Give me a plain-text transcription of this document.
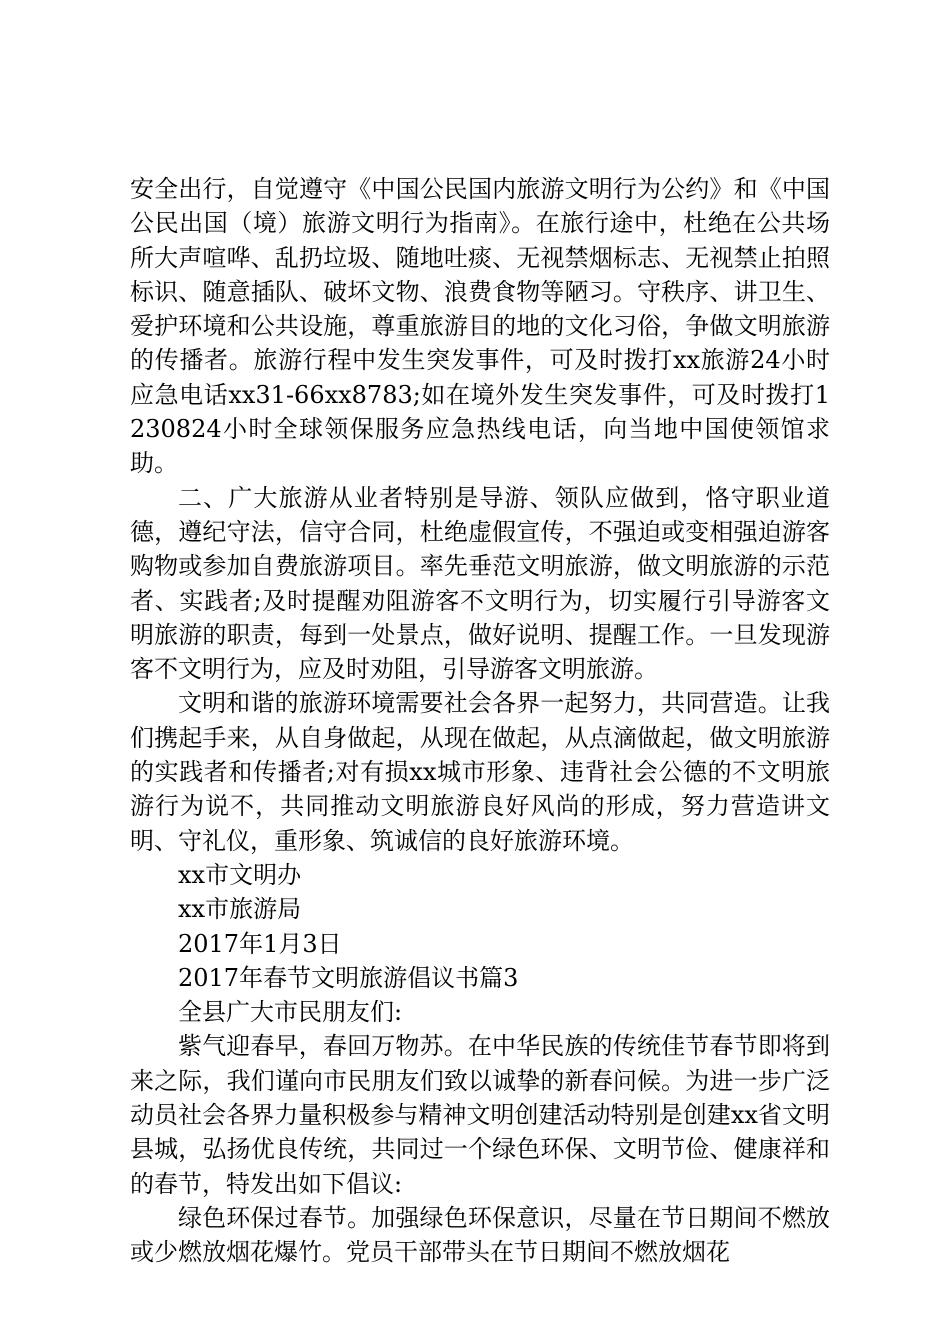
安全出行，自觉遵守《中国公民国内旅游文明行为公约》和《中国公民出国（境）旅游文明行为指南》。在旅行途中，杜绝在公共场所大声喧哗、乱扔垃圾、随地吐痰、无视禁烟标志、无视禁止拍照标识、随意插队、破坏文物、浪费食物等陋习。守秩序、讲卫生、爱护环境和公共设施，尊重旅游目的地的文化习俗，争做文明旅游的传播者。旅游行程中发生突发事件，可及时拨打xx旅游24小时应急电话xx31-66xx8783;如在境外发生突发事件，可及时拨打1230824小时全球领保服务应急热线电话，向当地中国使领馆求助。

二、广大旅游从业者特别是导游、领队应做到，恪守职业道德，遵纪守法，信守合同，杜绝虚假宣传，不强迫或变相强迫游客购物或参加自费旅游项目。率先垂范文明旅游，做文明旅游的示范者、实践者;及时提醒劝阻游客不文明行为，切实履行引导游客文明旅游的职责，每到一处景点，做好说明、提醒工作。一旦发现游客不文明行为，应及时劝阻，引导游客文明旅游。

文明和谐的旅游环境需要社会各界一起努力，共同营造。让我们携起手来，从自身做起，从现在做起，从点滴做起，做文明旅游的实践者和传播者;对有损xx城市形象、违背社会公德的不文明旅游行为说不，共同推动文明旅游良好风尚的形成，努力营造讲文明、守礼仪，重形象、筑诚信的良好旅游环境。

xx市文明办

xx市旅游局

2017年1月3日

2017年春节文明旅游倡议书篇3

全县广大市民朋友们:

紫气迎春早，春回万物苏。在中华民族的传统佳节春节即将到来之际，我们谨向市民朋友们致以诚挚的新春问候。为进一步广泛动员社会各界力量积极参与精神文明创建活动特别是创建xx省文明县城，弘扬优良传统，共同过一个绿色环保、文明节俭、健康祥和的春节，特发出如下倡议:

绿色环保过春节。加强绿色环保意识，尽量在节日期间不燃放或少燃放烟花爆竹。党员干部带头在节日期间不燃放烟花
